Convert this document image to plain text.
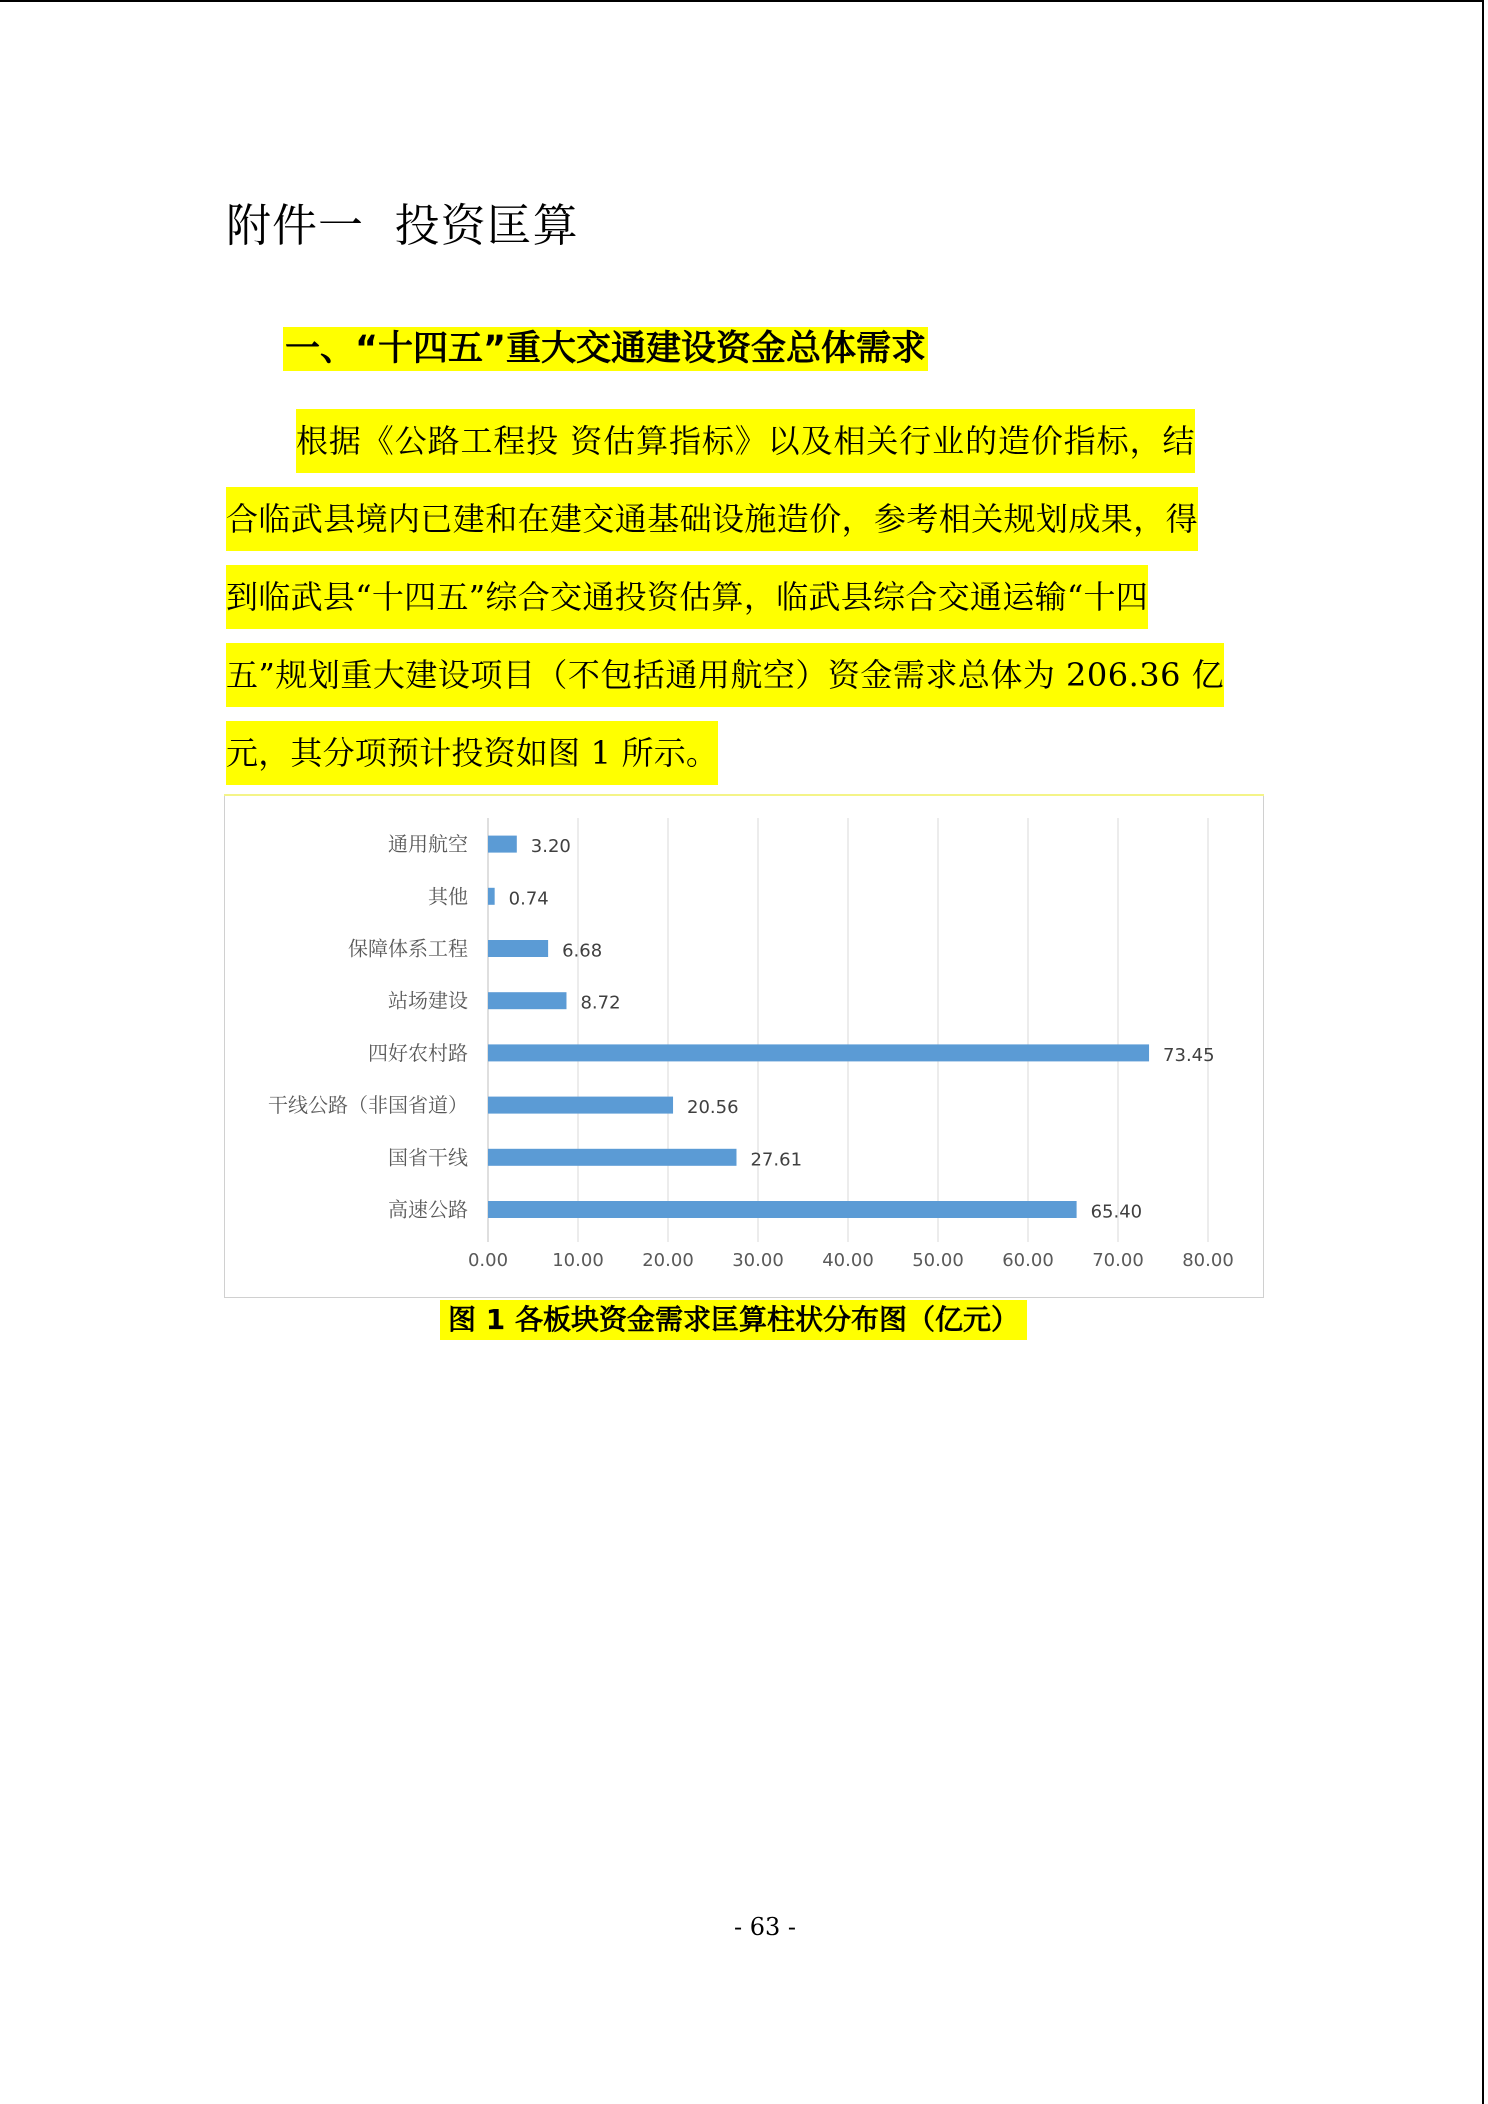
附件一  投资匡算
一、“十四五”重大交通建设资金总体需求
根据《公路工程投 资估算指标》以及相关行业的造价指标，结
合临武县境内已建和在建交通基础设施造价，参考相关规划成果，得
到临武县“十四五”综合交通投资估算，临武县综合交通运输“十四
五”规划重大建设项目（不包括通用航空）资金需求总体为 206.36 亿
元，其分项预计投资如图 1 所示。
0.00 10.00 20.00 30.00 40.00 50.00 60.00 70.00 80.00
通用航空	3.20
其他 0.74
保障体系工程	6.68
站场建设	8.72
四好农村路	73.45
干线公路（非国省道）	20.56
国省干线	27.61
高速公路	65.40
图 1 各板块资金需求匡算柱状分布图（亿元）
- 63 -
